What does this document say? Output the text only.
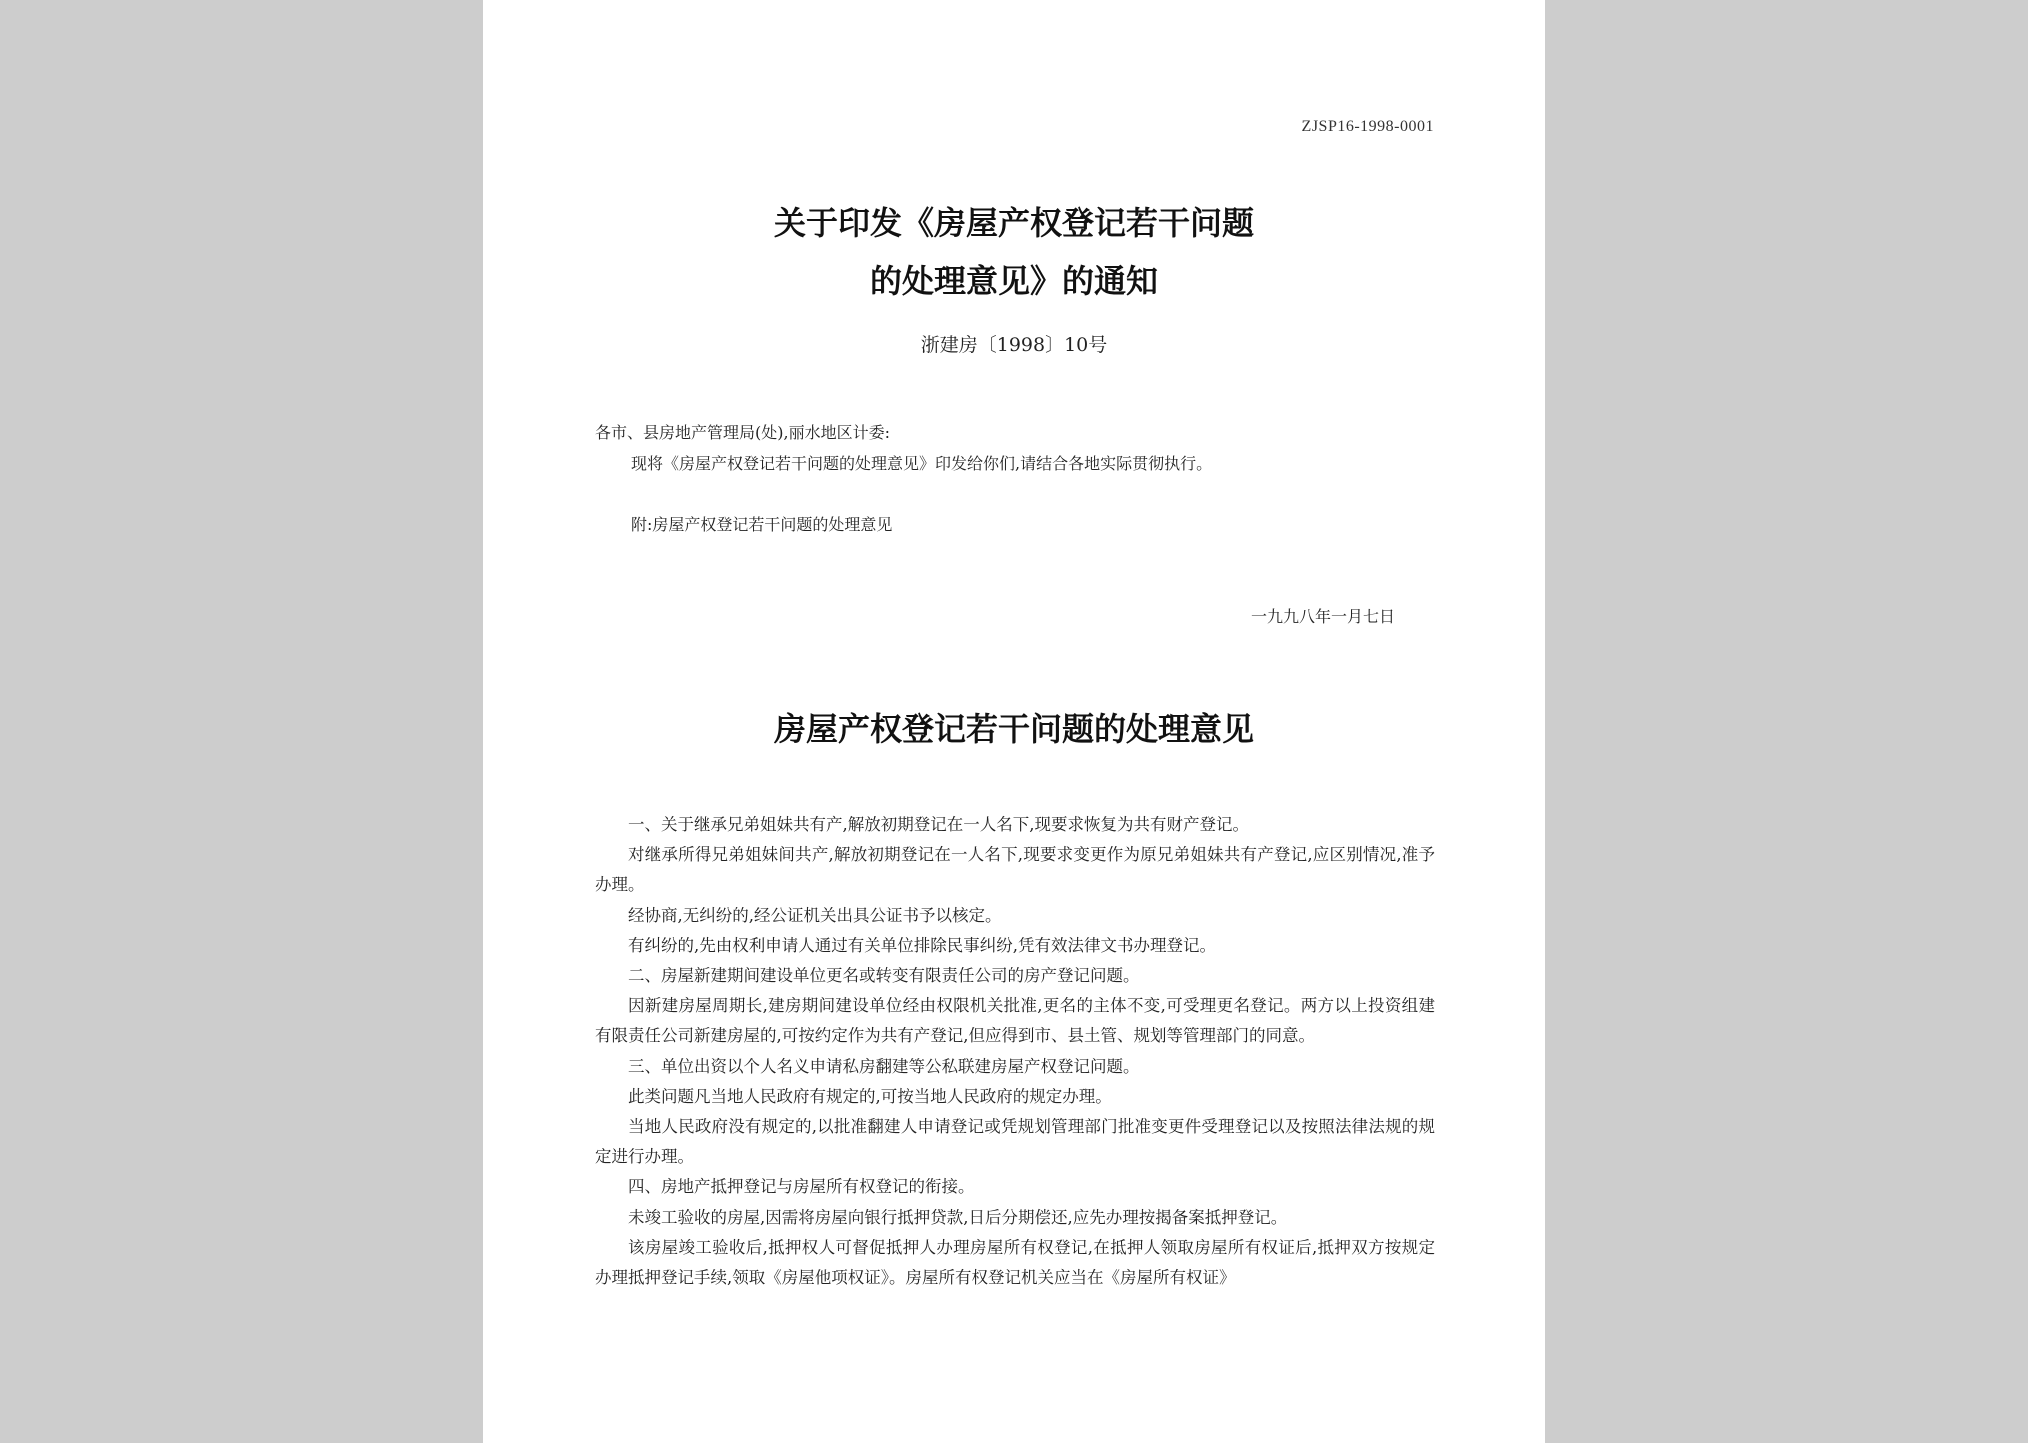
ZJSP16-1998-0001
关于印发《房屋产权登记若干问题
的处理意见》的通知
浙建房〔1998〕10号
各市、县房地产管理局(处),丽水地区计委:
现将《房屋产权登记若干问题的处理意见》印发给你们,请结合各地实际贯彻执行。
附:房屋产权登记若干问题的处理意见
一九九八年一月七日
房屋产权登记若干问题的处理意见

一、关于继承兄弟姐妹共有产,解放初期登记在一人名下,现要求恢复为共有财产登记。

对继承所得兄弟姐妹间共产,解放初期登记在一人名下,现要求变更作为原兄弟姐妹共有产登记,应区别情况,准予办理。

经协商,无纠纷的,经公证机关出具公证书予以核定。

有纠纷的,先由权利申请人通过有关单位排除民事纠纷,凭有效法律文书办理登记。

二、房屋新建期间建设单位更名或转变有限责任公司的房产登记问题。

因新建房屋周期长,建房期间建设单位经由权限机关批准,更名的主体不变,可受理更名登记。两方以上投资组建有限责任公司新建房屋的,可按约定作为共有产登记,但应得到市、县土管、规划等管理部门的同意。

三、单位出资以个人名义申请私房翻建等公私联建房屋产权登记问题。

此类问题凡当地人民政府有规定的,可按当地人民政府的规定办理。

当地人民政府没有规定的,以批准翻建人申请登记或凭规划管理部门批准变更件受理登记以及按照法律法规的规定进行办理。

四、房地产抵押登记与房屋所有权登记的衔接。

未竣工验收的房屋,因需将房屋向银行抵押贷款,日后分期偿还,应先办理按揭备案抵押登记。

该房屋竣工验收后,抵押权人可督促抵押人办理房屋所有权登记,在抵押人领取房屋所有权证后,抵押双方按规定办理抵押登记手续,领取《房屋他项权证》。房屋所有权登记机关应当在《房屋所有权证》
